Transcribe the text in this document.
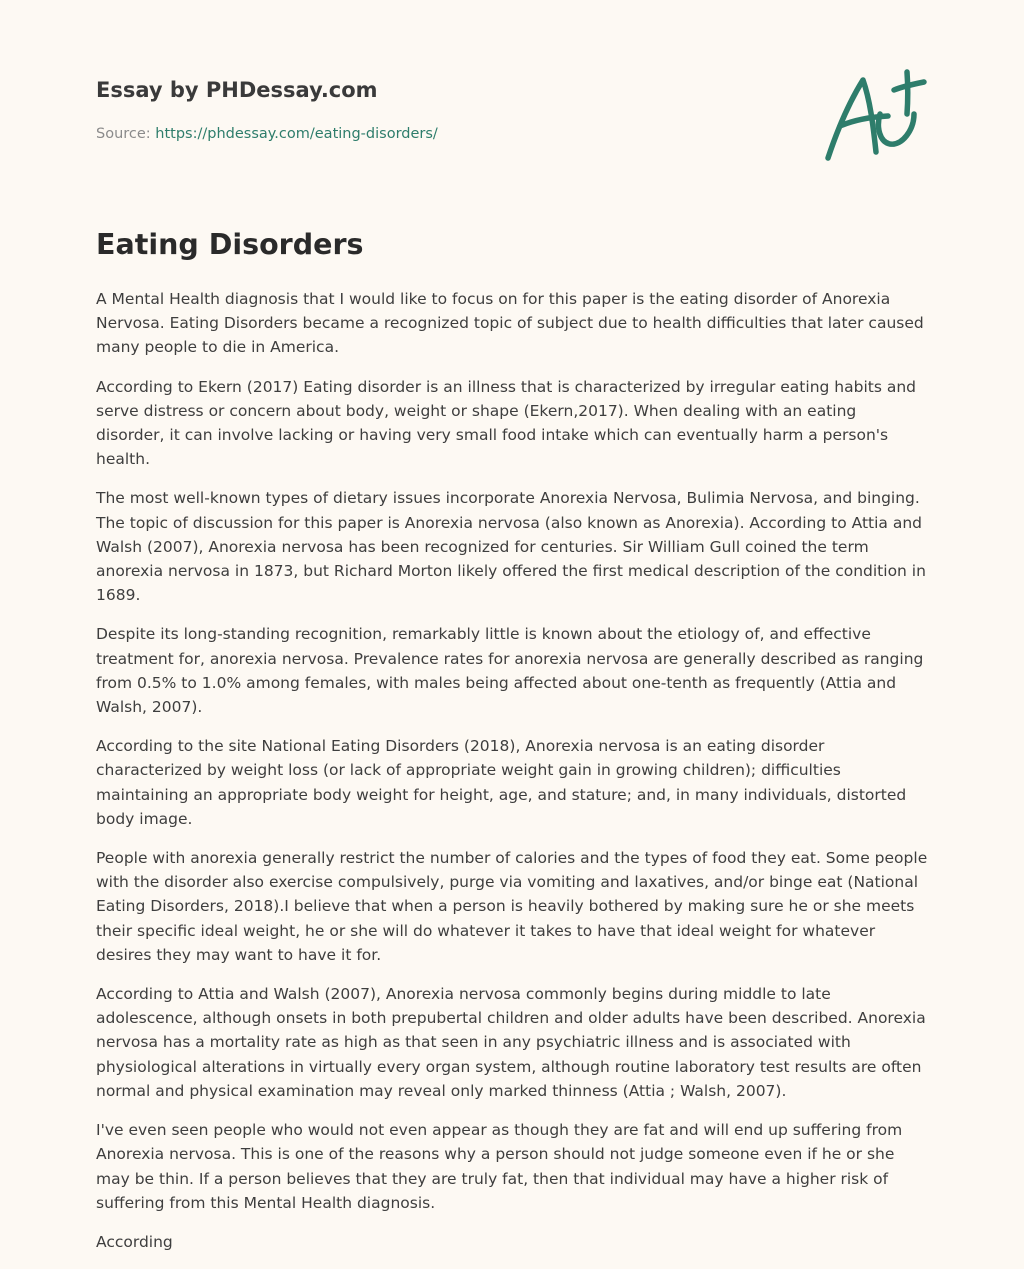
Essay by PHDessay.com

Source: https://phdessay.com/eating-disorders/
Eating Disorders

A Mental Health diagnosis that I would like to focus on for this paper is the eating disorder of Anorexia Nervosa. Eating Disorders became a recognized topic of subject due to health difficulties that later caused many people to die in America.

According to Ekern (2017) Eating disorder is an illness that is characterized by irregular eating habits and serve distress or concern about body, weight or shape (Ekern,2017). When dealing with an eating disorder, it can involve lacking or having very small food intake which can eventually harm a person's health.

The most well-known types of dietary issues incorporate Anorexia Nervosa, Bulimia Nervosa, and binging. The topic of discussion for this paper is Anorexia nervosa (also known as Anorexia). According to Attia and Walsh (2007), Anorexia nervosa has been recognized for centuries. Sir William Gull coined the term anorexia nervosa in 1873, but Richard Morton likely offered the first medical description of the condition in 1689.

Despite its long-standing recognition, remarkably little is known about the etiology of, and effective treatment for, anorexia nervosa. Prevalence rates for anorexia nervosa are generally described as ranging from 0.5% to 1.0% among females, with males being affected about one-tenth as frequently (Attia and Walsh, 2007).

According to the site National Eating Disorders (2018), Anorexia nervosa is an eating disorder characterized by weight loss (or lack of appropriate weight gain in growing children); difficulties maintaining an appropriate body weight for height, age, and stature; and, in many individuals, distorted body image.

People with anorexia generally restrict the number of calories and the types of food they eat. Some people with the disorder also exercise compulsively, purge via vomiting and laxatives, and/or binge eat (National Eating Disorders, 2018).I believe that when a person is heavily bothered by making sure he or she meets their specific ideal weight, he or she will do whatever it takes to have that ideal weight for whatever desires they may want to have it for.

According to Attia and Walsh (2007), Anorexia nervosa commonly begins during middle to late adolescence, although onsets in both prepubertal children and older adults have been described. Anorexia nervosa has a mortality rate as high as that seen in any psychiatric illness and is associated with physiological alterations in virtually every organ system, although routine laboratory test results are often normal and physical examination may reveal only marked thinness (Attia ; Walsh, 2007).

I've even seen people who would not even appear as though they are fat and will end up suffering from Anorexia nervosa. This is one of the reasons why a person should not judge someone even if he or she may be thin. If a person believes that they are truly fat, then that individual may have a higher risk of suffering from this Mental Health diagnosis.

According
